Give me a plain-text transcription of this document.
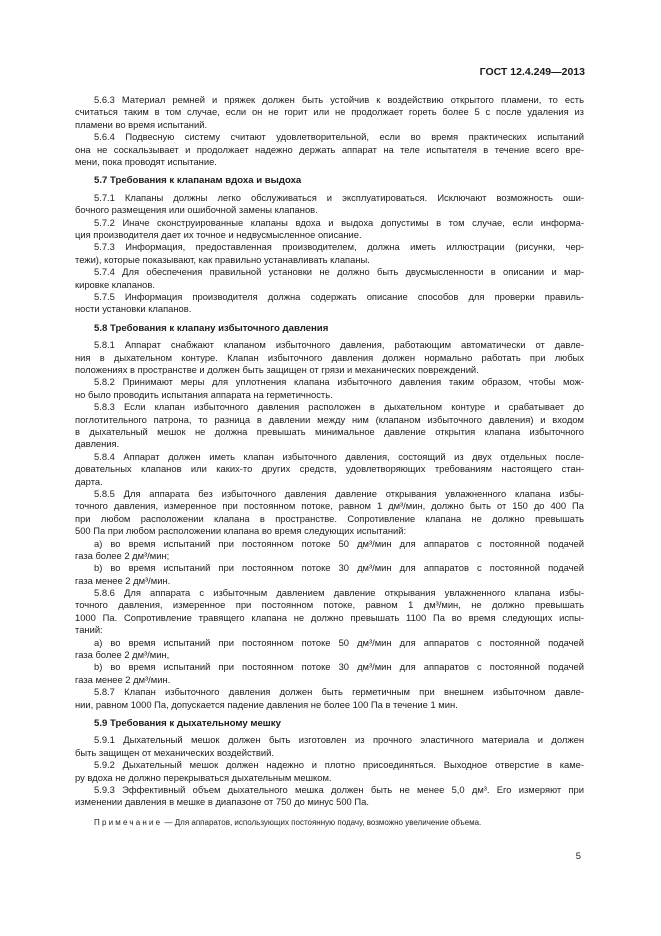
ГОСТ 12.4.249—2013
5.6.3 Материал ремней и пряжек должен быть устойчив к воздействию открытого пламени, то есть
считаться таким в том случае, если он не горит или не продолжает гореть более 5 с после удаления из
пламени во время испытаний.
5.6.4 Подвесную систему считают удовлетворительной, если во время практических испытаний
она не соскальзывает и продолжает надежно держать аппарат на теле испытателя в течение всего вре-
мени, пока проводят испытание.
5.7 Требования к клапанам вдоха и выдоха
5.7.1 Клапаны должны легко обслуживаться и эксплуатироваться. Исключают возможность оши-
бочного размещения или ошибочной замены клапанов.
5.7.2 Иначе сконструированные клапаны вдоха и выдоха допустимы в том случае, если информа-
ция производителя дает их точное и недвусмысленное описание.
5.7.3 Информация, предоставленная производителем, должна иметь иллюстрации (рисунки, чер-
тежи), которые показывают, как правильно устанавливать клапаны.
5.7.4 Для обеспечения правильной установки не должно быть двусмысленности в описании и мар-
кировке клапанов.
5.7.5 Информация производителя должна содержать описание способов для проверки правиль-
ности установки клапанов.
5.8 Требования к клапану избыточного давления
5.8.1 Аппарат снабжают клапаном избыточного давления, работающим автоматически от давле-
ния в дыхательном контуре. Клапан избыточного давления должен нормально работать при любых
положениях в пространстве и должен быть защищен от грязи и механических повреждений.
5.8.2 Принимают меры для уплотнения клапана избыточного давления таким образом, чтобы мож-
но было проводить испытания аппарата на герметичность.
5.8.3 Если клапан избыточного давления расположен в дыхательном контуре и срабатывает до
поглотительного патрона, то разница в давлении между ним (клапаном избыточного давления) и входом
в дыхательный мешок не должна превышать минимальное давление открытия клапана избыточного
давления.
5.8.4 Аппарат должен иметь клапан избыточного давления, состоящий из двух отдельных после-
довательных клапанов или каких-то других средств, удовлетворяющих требованиям настоящего стан-
дарта.
5.8.5 Для аппарата без избыточного давления давление открывания увлажненного клапана избы-
точного давления, измеренное при постоянном потоке, равном 1 дм³/мин, должно быть от 150 до 400 Па
при любом расположении клапана в пространстве. Сопротивление клапана не должно превышать
500 Па при любом расположении клапана во время следующих испытаний:
a) во время испытаний при постоянном потоке 50 дм³/мин для аппаратов с постоянной подачей
газа более 2 дм³/мин;
b) во время испытаний при постоянном потоке 30 дм³/мин для аппаратов с постоянной подачей
газа менее 2 дм³/мин.
5.8.6 Для аппарата с избыточным давлением давление открывания увлажненного клапана избы-
точного давления, измеренное при постоянном потоке, равном 1 дм³/мин, не должно превышать
1000 Па. Сопротивление травящего клапана не должно превышать 1100 Па во время следующих испы-
таний:
a) во время испытаний при постоянном потоке 50 дм³/мин для аппаратов с постоянной подачей
газа более 2 дм³/мин,
b) во время испытаний при постоянном потоке 30 дм³/мин для аппаратов с постоянной подачей
газа менее 2 дм³/мин.
5.8.7 Клапан избыточного давления должен быть герметичным при внешнем избыточном давле-
нии, равном 1000 Па, допускается падение давления не более 100 Па в течение 1 мин.
5.9 Требования к дыхательному мешку
5.9.1 Дыхательный мешок должен быть изготовлен из прочного эластичного материала и должен
быть защищен от механических воздействий.
5.9.2 Дыхательный мешок должен надежно и плотно присоединяться. Выходное отверстие в каме-
ру вдоха не должно перекрываться дыхательным мешком.
5.9.3 Эффективный объем дыхательного мешка должен быть не менее 5,0 дм³. Его измеряют при
изменении давления в мешке в диапазоне от 750 до минус 500 Па.
Примечание — Для аппаратов, использующих постоянную подачу, возможно увеличение объема.
5
